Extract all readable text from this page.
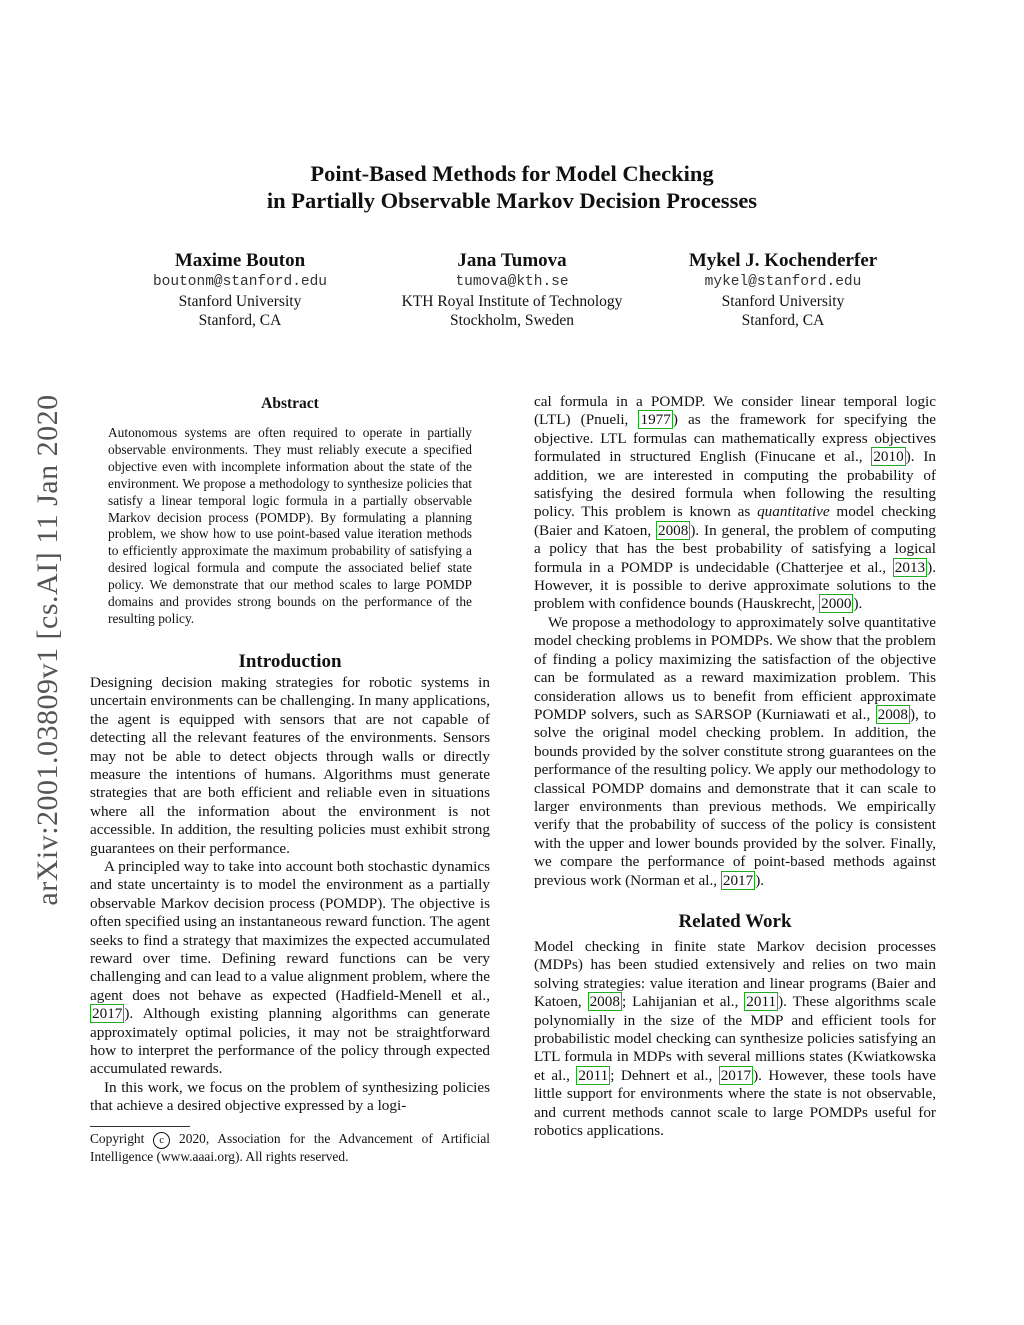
arXiv:2001.03809v1 [cs.AI] 11 Jan 2020
Point-Based Methods for Model Checking
in Partially Observable Markov Decision Processes
Maxime Bouton
boutonm@stanford.edu
Stanford University
Stanford, CA
Jana Tumova
tumova@kth.se
KTH Royal Institute of Technology
Stockholm, Sweden
Mykel J. Kochenderfer
mykel@stanford.edu
Stanford University
Stanford, CA
Abstract
Autonomous systems are often required to operate in partially observable environments. They must reliably execute a specified objective even with incomplete information about the state of the environment. We propose a methodology to synthesize policies that satisfy a linear temporal logic formula in a partially observable Markov decision process (POMDP). By formulating a planning problem, we show how to use point-based value iteration methods to efficiently approximate the maximum probability of satisfying a desired logical formula and compute the associated belief state policy. We demonstrate that our method scales to large POMDP domains and provides strong bounds on the performance of the resulting policy.
Introduction

Designing decision making strategies for robotic systems in uncertain environments can be challenging. In many applications, the agent is equipped with sensors that are not capable of detecting all the relevant features of the environments. Sensors may not be able to detect objects through walls or directly measure the intentions of humans. Algorithms must generate strategies that are both efficient and reliable even in situations where all the information about the environment is not accessible. In addition, the resulting policies must exhibit strong guarantees on their performance.

A principled way to take into account both stochastic dynamics and state uncertainty is to model the environment as a partially observable Markov decision process (POMDP). The objective is often specified using an instantaneous reward function. The agent seeks to find a strategy that maximizes the expected accumulated reward over time. Defining reward functions can be very challenging and can lead to a value alignment problem, where the agent does not behave as expected (Hadfield-Menell et al., 2017 ). Although existing planning algorithms can generate approximately optimal policies, it may not be straightforward how to interpret the performance of the policy through expected accumulated rewards.

In this work, we focus on the problem of synthesizing policies that achieve a desired objective expressed by a logi-

Copyright c 2020, Association for the Advancement of Artificial Intelligence (www.aaai.org). All rights reserved.

cal formula in a POMDP. We consider linear temporal logic (LTL) (Pnueli, 1977 ) as the framework for specifying the objective. LTL formulas can mathematically express objectives formulated in structured English (Finucane et al., 2010 ). In addition, we are interested in computing the probability of satisfying the desired formula when following the resulting policy. This problem is known as quantitative model checking (Baier and Katoen, 2008 ). In general, the problem of computing a policy that has the best probability of satisfying a logical formula in a POMDP is undecidable (Chatterjee et al., 2013 ). However, it is possible to derive approximate solutions to the problem with confidence bounds (Hauskrecht, 2000 ).

We propose a methodology to approximately solve quantitative model checking problems in POMDPs. We show that the problem of finding a policy maximizing the satisfaction of the objective can be formulated as a reward maximization problem. This consideration allows us to benefit from efficient approximate POMDP solvers, such as SARSOP (Kurniawati et al., 2008 ), to solve the original model checking problem. In addition, the bounds provided by the solver constitute strong guarantees on the performance of the resulting policy. We apply our methodology to classical POMDP domains and demonstrate that it can scale to larger environments than previous methods. We empirically verify that the probability of success of the policy is consistent with the upper and lower bounds provided by the solver. Finally, we compare the performance of point-based methods against previous work (Norman et al., 2017 ).

Related Work

Model checking in finite state Markov decision processes (MDPs) has been studied extensively and relies on two main solving strategies: value iteration and linear programs (Baier and Katoen, 2008 ; Lahijanian et al., 2011 ). These algorithms scale polynomially in the size of the MDP and efficient tools for probabilistic model checking can synthesize policies satisfying an LTL formula in MDPs with several millions states (Kwiatkowska et al., 2011 ; Dehnert et al., 2017 ). However, these tools have little support for environments where the state is not observable, and current methods cannot scale to large POMDPs useful for robotics applications.
